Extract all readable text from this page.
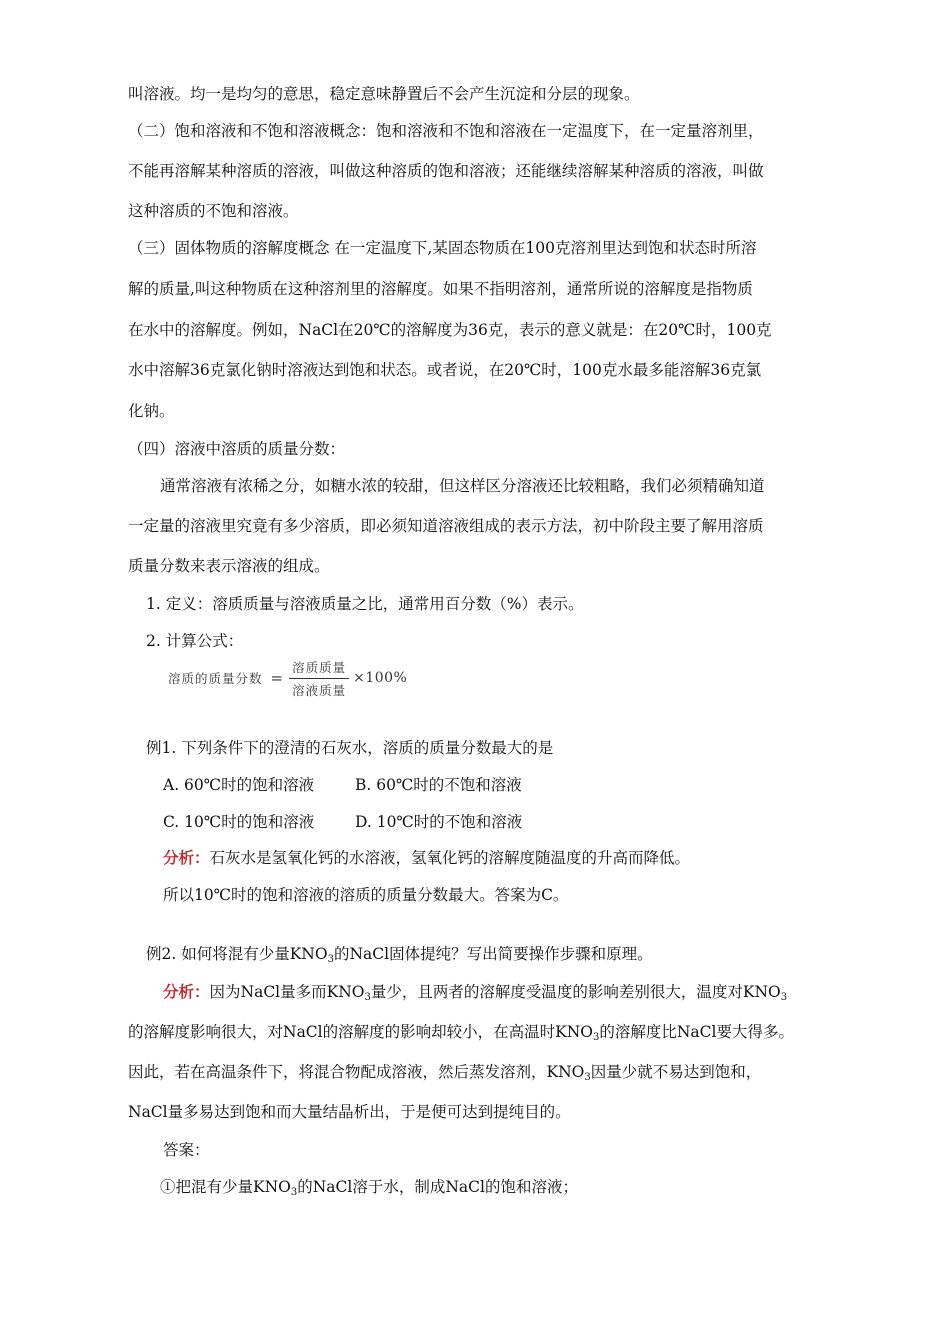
叫溶液。均一是均匀的意思，稳定意味静置后不会产生沉淀和分层的现象。
（二）饱和溶液和不饱和溶液概念：饱和溶液和不饱和溶液在一定温度下，在一定量溶剂里，
不能再溶解某种溶质的溶液，叫做这种溶质的饱和溶液；还能继续溶解某种溶质的溶液，叫做
这种溶质的不饱和溶液。
（三）固体物质的溶解度概念 在一定温度下,某固态物质在100克溶剂里达到饱和状态时所溶
解的质量,叫这种物质在这种溶剂里的溶解度。如果不指明溶剂，通常所说的溶解度是指物质
在水中的溶解度。例如，NaCl在20℃的溶解度为36克，表示的意义就是：在20℃时，100克
水中溶解36克氯化钠时溶液达到饱和状态。或者说，在20℃时，100克水最多能溶解36克氯
化钠。
（四）溶液中溶质的质量分数：
通常溶液有浓稀之分，如糖水浓的较甜，但这样区分溶液还比较粗略，我们必须精确知道
一定量的溶液里究竟有多少溶质，即必须知道溶液组成的表示方法，初中阶段主要了解用溶质
质量分数来表示溶液的组成。
1. 定义：溶质质量与溶液质量之比，通常用百分数（%）表示。
2. 计算公式：
溶质的质量分数 = $\frac{\text{溶质质量}}{\text{溶液质量}} \times 100\%$
例1. 下列条件下的澄清的石灰水，溶质的质量分数最大的是
A. 60℃时的饱和溶液	B. 60℃时的不饱和溶液
C. 10℃时的饱和溶液	D. 10℃时的不饱和溶液
分析：石灰水是氢氧化钙的水溶液，氢氧化钙的溶解度随温度的升高而降低。
所以10℃时的饱和溶液的溶质的质量分数最大。答案为C。
例2. 如何将混有少量$KNO_3$的NaCl固体提纯？写出简要操作步骤和原理。
分析：因为NaCl量多而$KNO_3$量少，且两者的溶解度受温度的影响差别很大，温度对$KNO_3$
的溶解度影响很大，对NaCl的溶解度的影响却较小，在高温时$KNO_3$的溶解度比NaCl要大得多。
因此，若在高温条件下，将混合物配成溶液，然后蒸发溶剂，$KNO_3$因量少就不易达到饱和，
NaCl量多易达到饱和而大量结晶析出，于是便可达到提纯目的。
答案：
①把混有少量$KNO_3$的NaCl溶于水，制成NaCl的饱和溶液；
